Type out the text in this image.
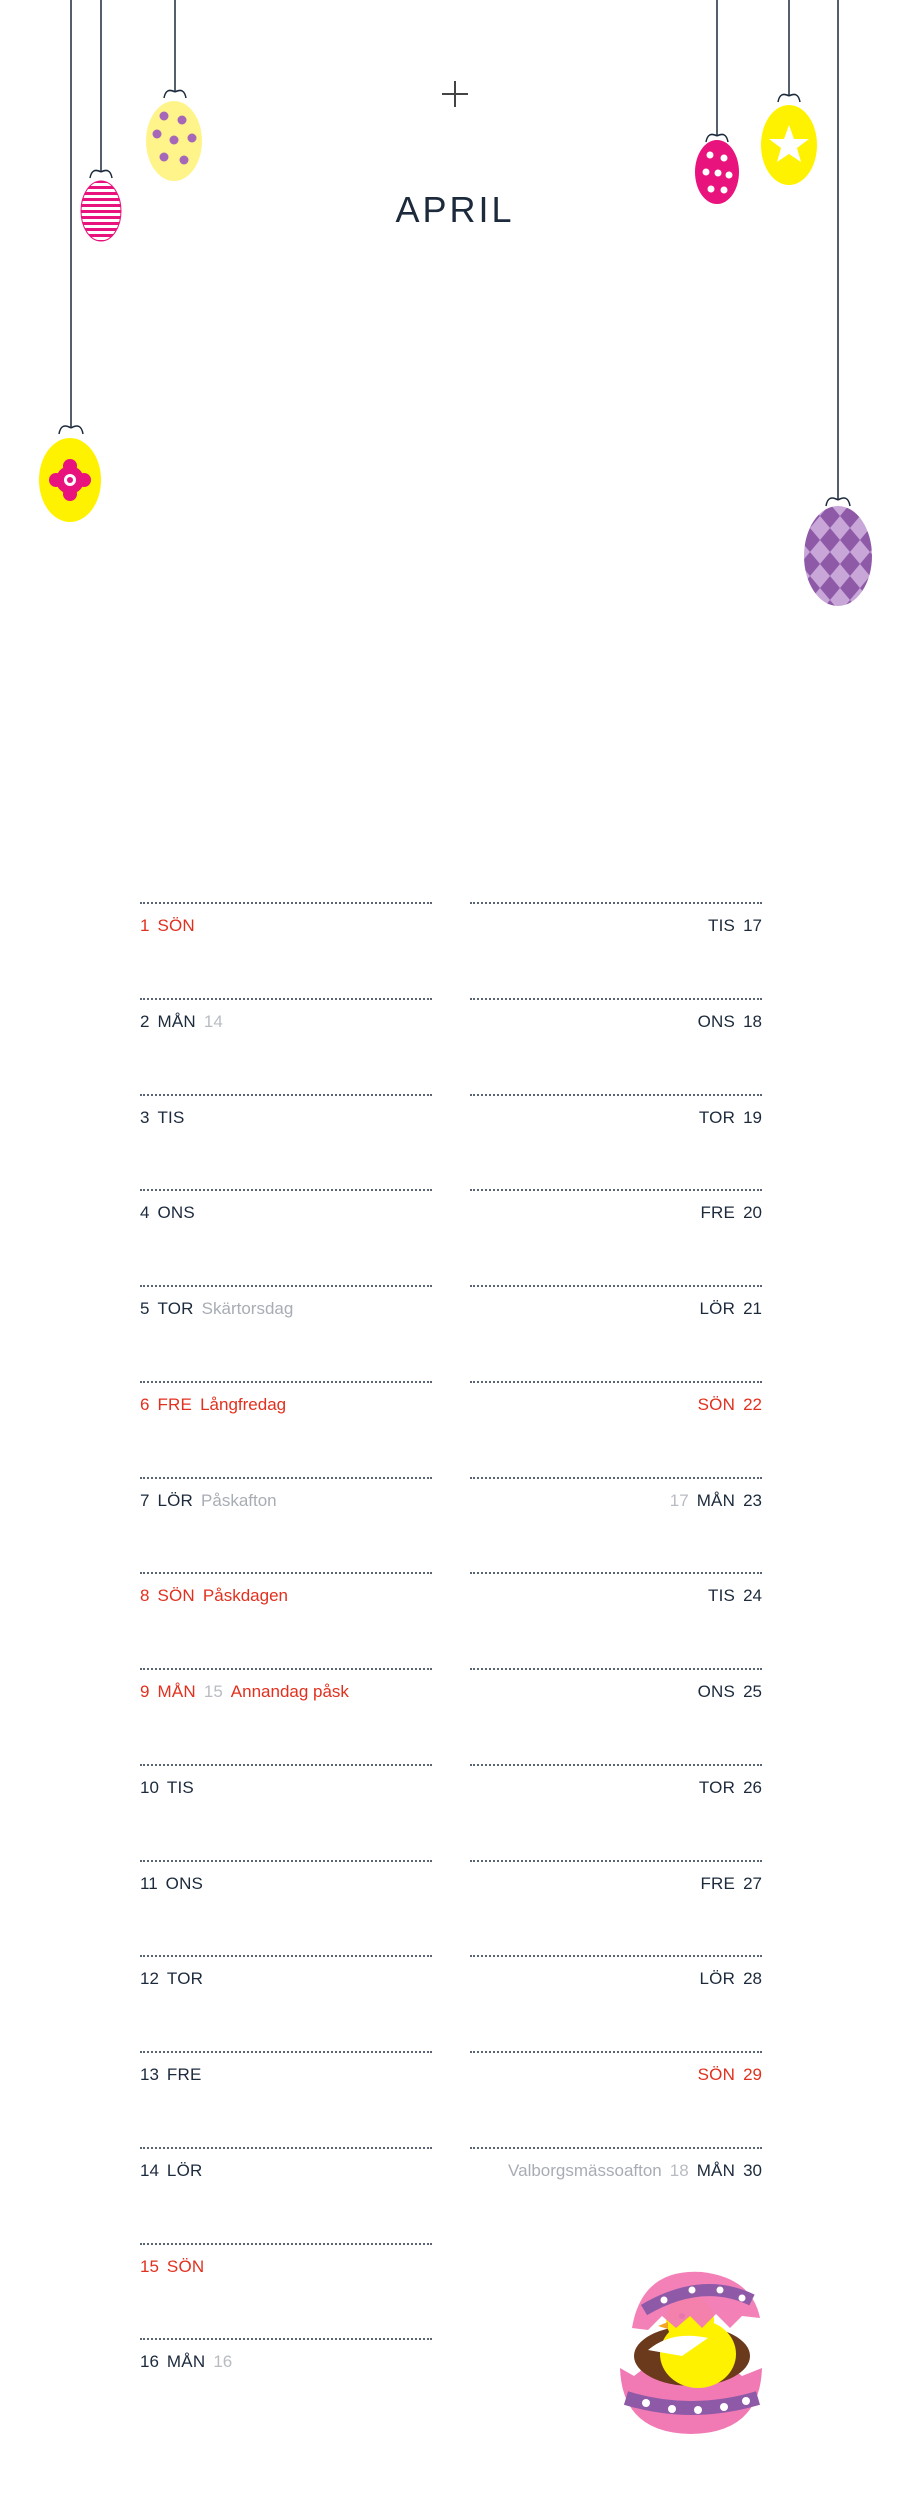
APRIL
1 SÖN
2 MÅN 14
3 TIS
4 ONS
5 TOR Skärtorsdag
6 FRE Långfredag
7 LÖR Påskafton
8 SÖN Påskdagen
9 MÅN 15 Annandag påsk
10 TIS
11 ONS
12 TOR
13 FRE
14 LÖR
15 SÖN
16 MÅN 16
TIS 17
ONS 18
TOR 19
FRE 20
LÖR 21
SÖN 22
17 MÅN 23
TIS 24
ONS 25
TOR 26
FRE 27
LÖR 28
SÖN 29
Valborgsmässoafton 18 MÅN 30
